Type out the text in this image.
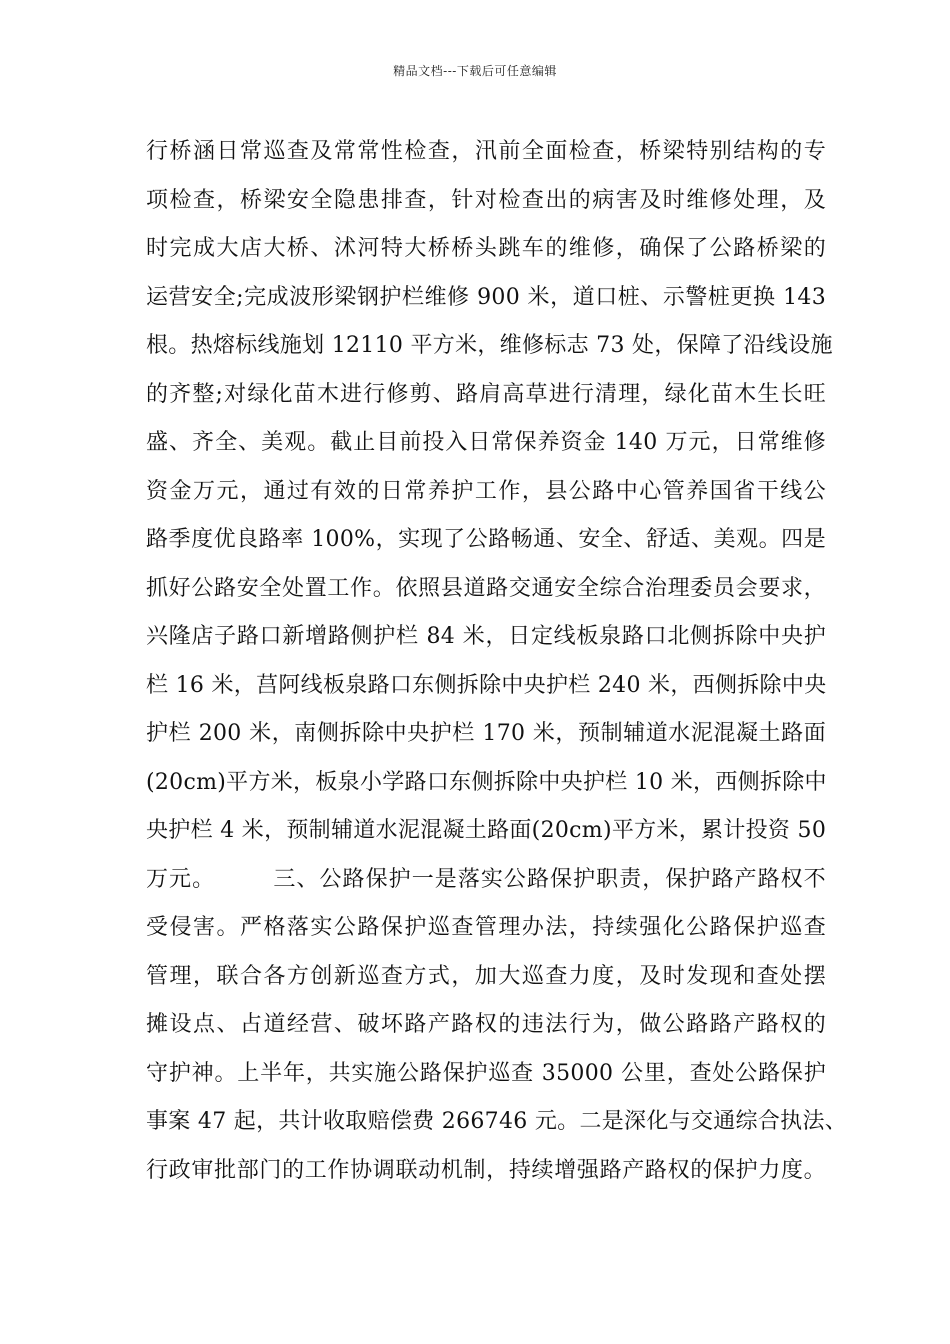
精品文档---下载后可任意编辑
行桥涵日常巡查及常常性检查，汛前全面检查，桥梁特别结构的专
项检查，桥梁安全隐患排查，针对检查出的病害及时维修处理，及
时完成大店大桥、沭河特大桥桥头跳车的维修，确保了公路桥梁的
运营安全;完成波形梁钢护栏维修 900 米，道口桩、示警桩更换 143
根。热熔标线施划 12110 平方米，维修标志 73 处，保障了沿线设施
的齐整;对绿化苗木进行修剪、路肩高草进行清理，绿化苗木生长旺
盛、齐全、美观。截止目前投入日常保养资金 140 万元，日常维修
资金万元，通过有效的日常养护工作，县公路中心管养国省干线公
路季度优良路率 100%，实现了公路畅通、安全、舒适、美观。四是
抓好公路安全处置工作。依照县道路交通安全综合治理委员会要求，
兴隆店子路口新增路侧护栏 84 米，日定线板泉路口北侧拆除中央护
栏 16 米，莒阿线板泉路口东侧拆除中央护栏 240 米，西侧拆除中央
护栏 200 米，南侧拆除中央护栏 170 米，预制辅道水泥混凝土路面
(20cm)平方米，板泉小学路口东侧拆除中央护栏 10 米，西侧拆除中
央护栏 4 米，预制辅道水泥混凝土路面(20cm)平方米，累计投资 50
万元。　　　三、公路保护一是落实公路保护职责，保护路产路权不
受侵害。严格落实公路保护巡查管理办法，持续强化公路保护巡查
管理，联合各方创新巡查方式，加大巡查力度，及时发现和查处摆
摊设点、占道经营、破坏路产路权的违法行为，做公路路产路权的
守护神。上半年，共实施公路保护巡查 35000 公里，查处公路保护
事案 47 起，共计收取赔偿费 266746 元。二是深化与交通综合执法、
行政审批部门的工作协调联动机制，持续增强路产路权的保护力度。
